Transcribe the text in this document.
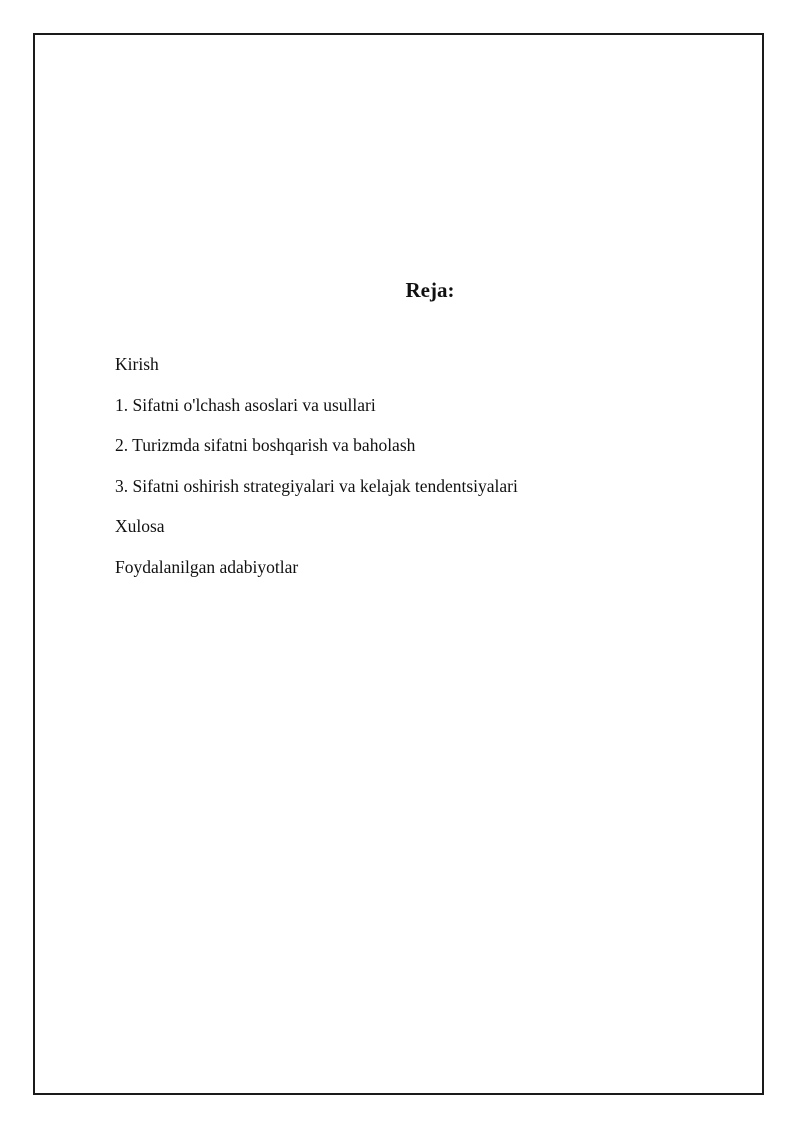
Reja:
Kirish
1. Sifatni o'lchash asoslari va usullari
2. Turizmda sifatni boshqarish va baholash
3. Sifatni oshirish strategiyalari va kelajak tendentsiyalari
Xulosa
Foydalanilgan adabiyotlar
